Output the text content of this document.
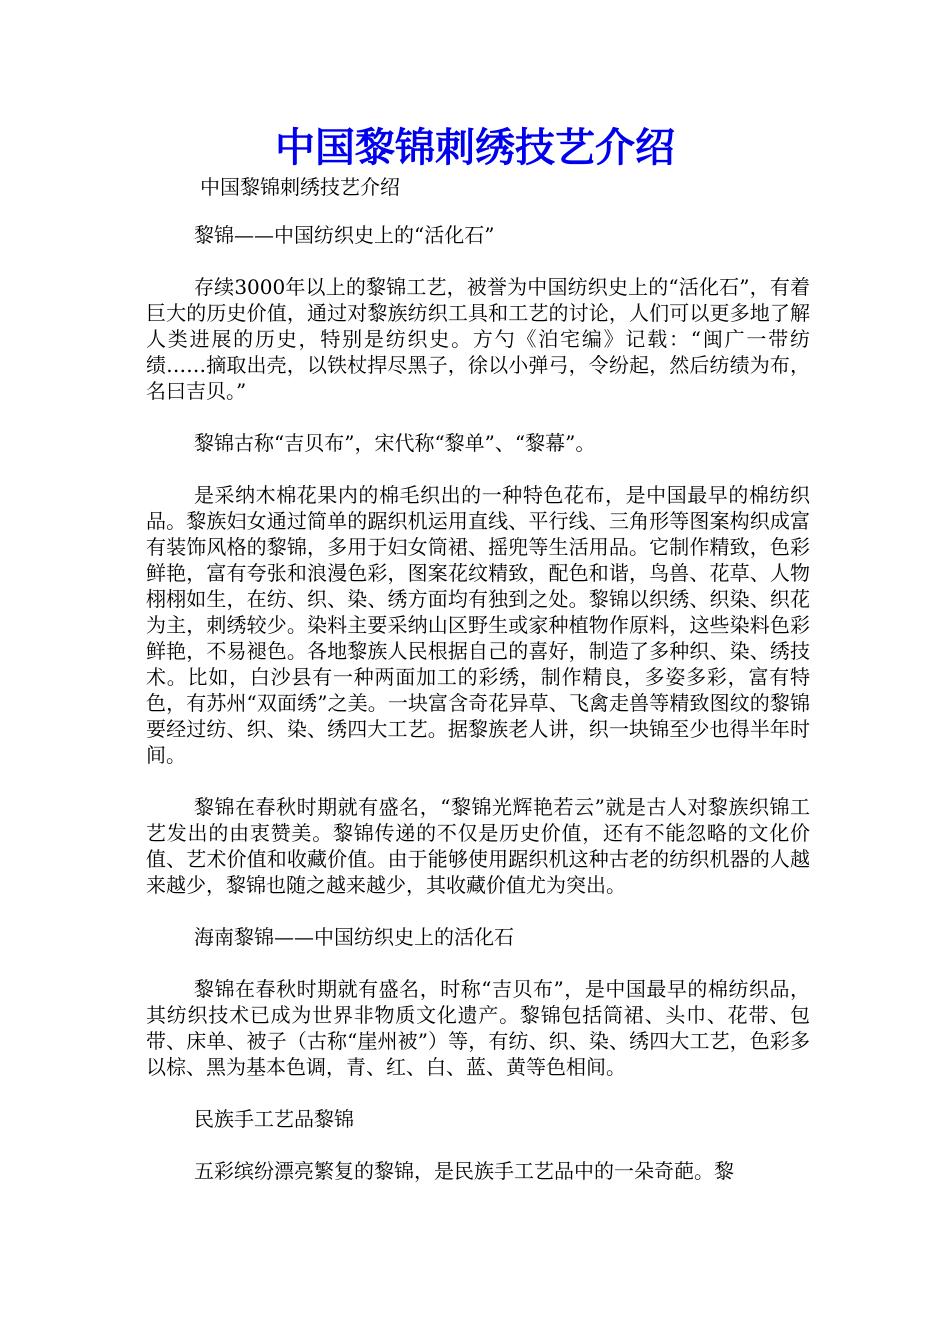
中国黎锦刺绣技艺介绍

中国黎锦刺绣技艺介绍

黎锦——中国纺织史上的“活化石”

存续3000年以上的黎锦工艺，被誉为中国纺织史上的“活化石”，有着巨大的历史价值，通过对黎族纺织工具和工艺的讨论，人们可以更多地了解人类进展的历史，特别是纺织史。方勺《泊宅编》记载：“闽广一带纺绩……摘取出壳，以铁杖捍尽黑子，徐以小弹弓，令纷起，然后纺绩为布，名曰吉贝。”

黎锦古称“吉贝布”，宋代称“黎单”、“黎幕”。

是采纳木棉花果内的棉毛织出的一种特色花布，是中国最早的棉纺织品。黎族妇女通过简单的踞织机运用直线、平行线、三角形等图案构织成富有装饰风格的黎锦，多用于妇女筒裙、摇兜等生活用品。它制作精致，色彩鲜艳，富有夸张和浪漫色彩，图案花纹精致，配色和谐，鸟兽、花草、人物栩栩如生，在纺、织、染、绣方面均有独到之处。黎锦以织绣、织染、织花为主，刺绣较少。染料主要采纳山区野生或家种植物作原料，这些染料色彩鲜艳，不易褪色。各地黎族人民根据自己的喜好，制造了多种织、染、绣技术。比如，白沙县有一种两面加工的彩绣，制作精良，多姿多彩，富有特色，有苏州“双面绣”之美。一块富含奇花异草、飞禽走兽等精致图纹的黎锦要经过纺、织、染、绣四大工艺。据黎族老人讲，织一块锦至少也得半年时间。

黎锦在春秋时期就有盛名，“黎锦光辉艳若云”就是古人对黎族织锦工艺发出的由衷赞美。黎锦传递的不仅是历史价值，还有不能忽略的文化价值、艺术价值和收藏价值。由于能够使用踞织机这种古老的纺织机器的人越来越少，黎锦也随之越来越少，其收藏价值尤为突出。

海南黎锦——中国纺织史上的活化石

黎锦在春秋时期就有盛名，时称“吉贝布”，是中国最早的棉纺织品，其纺织技术已成为世界非物质文化遗产。黎锦包括筒裙、头巾、花带、包带、床单、被子（古称“崖州被”）等，有纺、织、染、绣四大工艺，色彩多以棕、黑为基本色调，青、红、白、蓝、黄等色相间。

民族手工艺品黎锦

五彩缤纷漂亮繁复的黎锦，是民族手工艺品中的一朵奇葩。黎
